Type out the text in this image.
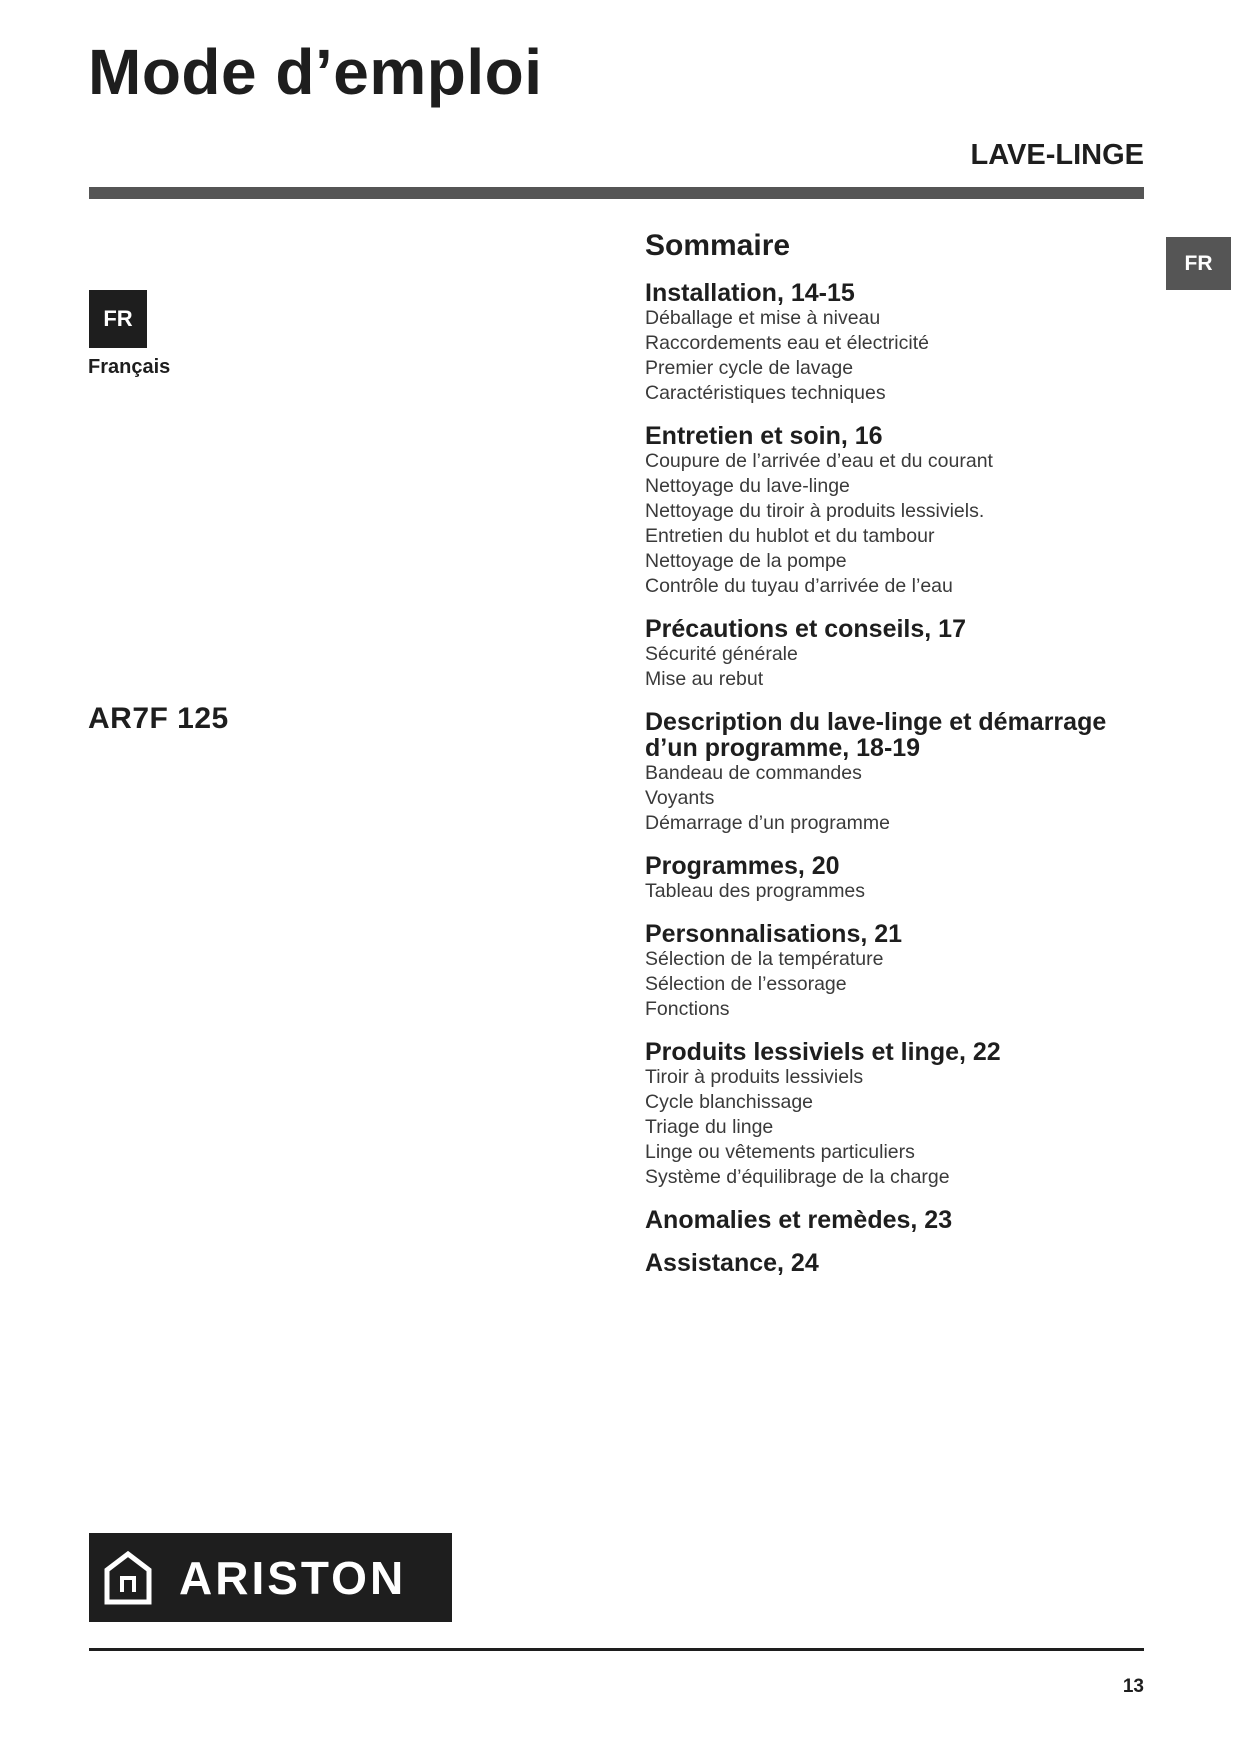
Mode d’emploi
LAVE-LINGE
FR
FR
Français
AR7F 125
Sommaire
Installation, 14-15
Déballage et mise à niveau
Raccordements eau et électricité
Premier cycle de lavage
Caractéristiques techniques
Entretien et soin, 16
Coupure de l’arrivée d’eau et du courant
Nettoyage du lave-linge
Nettoyage du tiroir à produits lessiviels.
Entretien du hublot et du tambour
Nettoyage de la pompe
Contrôle du tuyau d’arrivée de l’eau
Précautions et conseils, 17
Sécurité générale
Mise au rebut
Description du lave-linge et démarrage
d’un programme, 18-19
Bandeau de commandes
Voyants
Démarrage d’un programme
Programmes, 20
Tableau des programmes
Personnalisations, 21
Sélection de la température
Sélection de l’essorage
Fonctions
Produits lessiviels et linge, 22
Tiroir à produits lessiviels
Cycle blanchissage
Triage du linge
Linge ou vêtements particuliers
Système d’équilibrage de la charge
Anomalies et remèdes, 23
Assistance, 24
ARISTON
13
